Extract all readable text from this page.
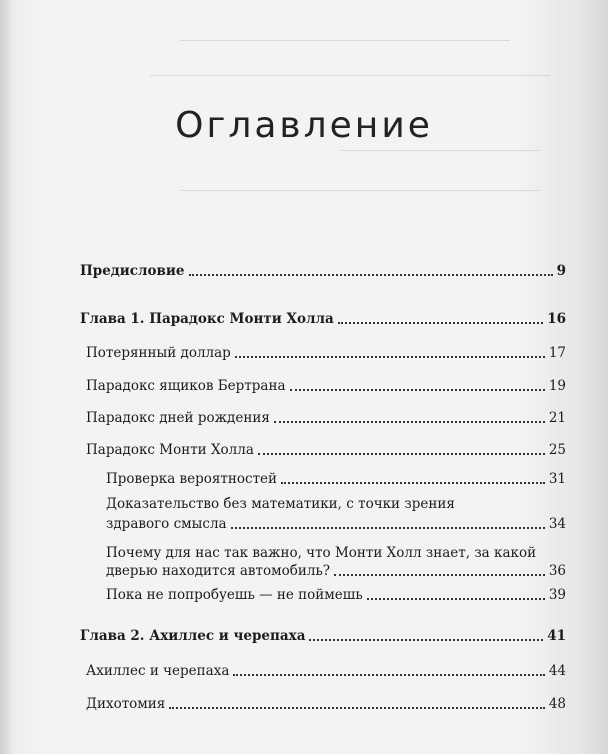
Оглавление
Предисловие	9
Глава 1. Парадокс Монти Холла	16
Потерянный доллар	17
Парадокс ящиков Бертрана	19
Парадокс дней рождения	21
Парадокс Монти Холла	25
Проверка вероятностей	31
Доказательство без математики, с точки зрения
здравого смысла	34
Почему для нас так важно, что Монти Холл знает, за какой
дверью находится автомобиль?	36
Пока не попробуешь — не поймешь	39
Глава 2. Ахиллес и черепаха	41
Ахиллес и черепаха	44
Дихотомия	48
